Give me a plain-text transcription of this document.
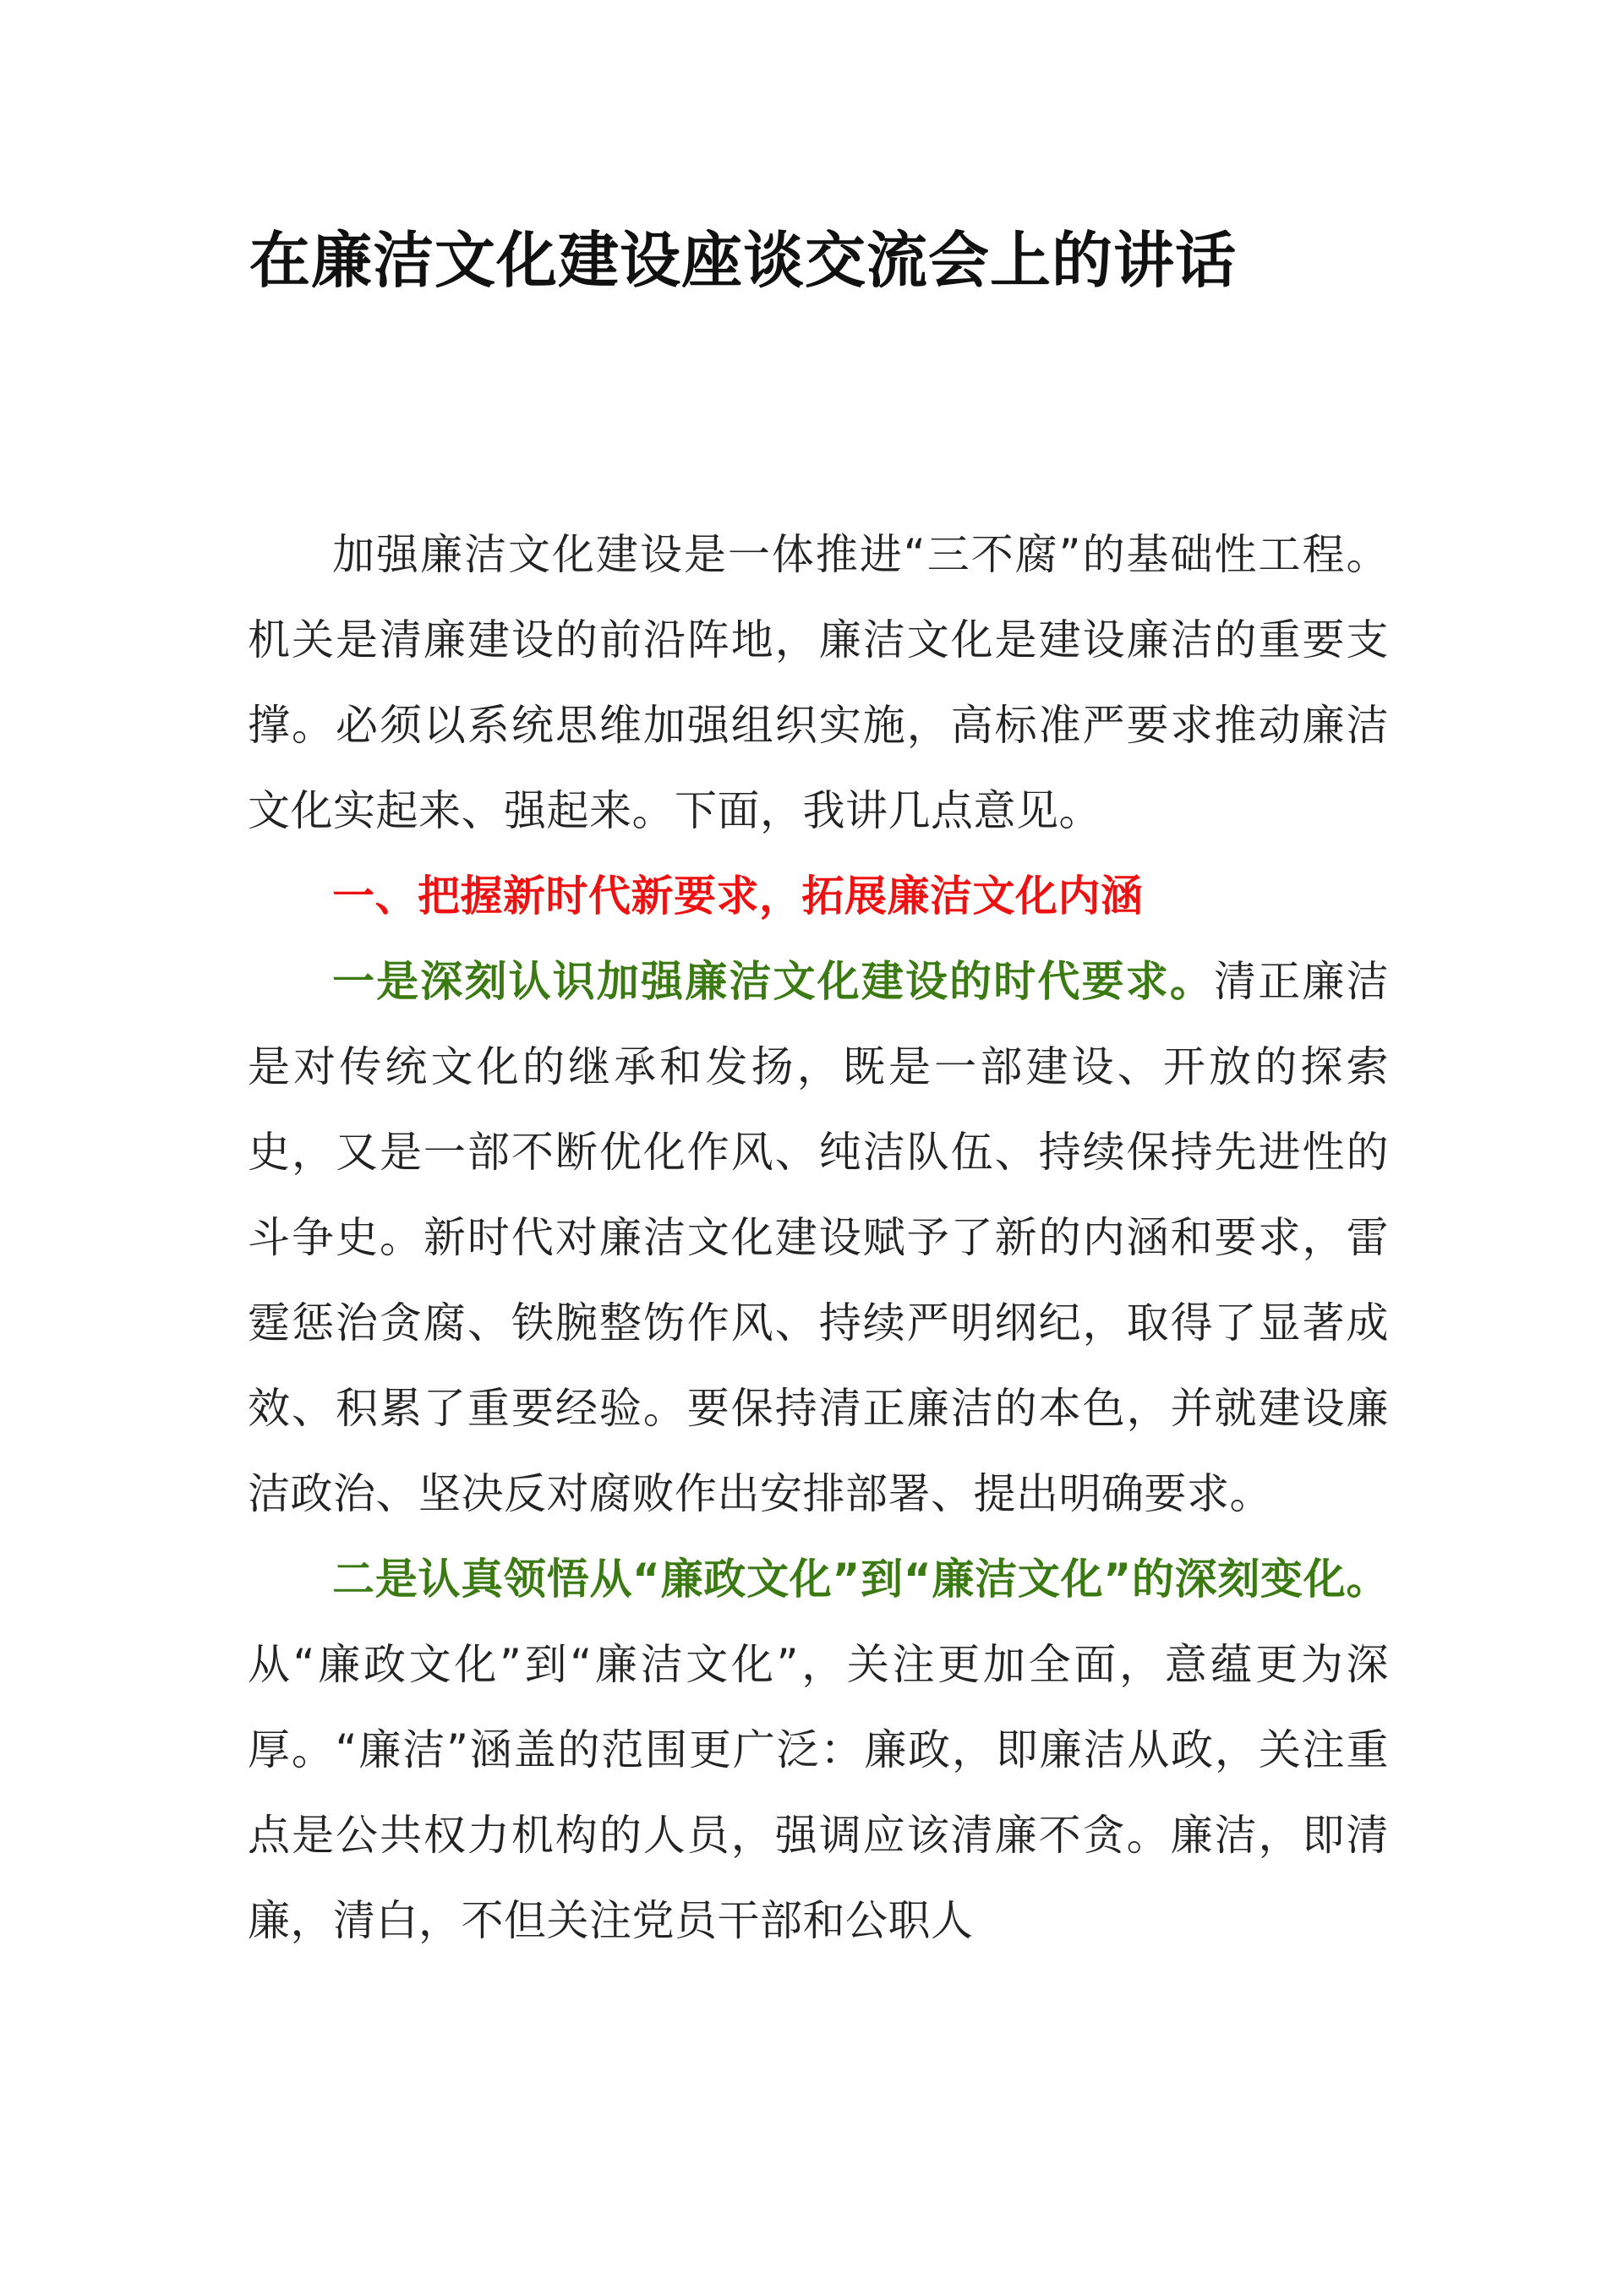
在廉洁文化建设座谈交流会上的讲话

加强廉洁文化建设是一体推进“三不腐”的基础性工程。机关是清廉建设的前沿阵地，廉洁文化是建设廉洁的重要支撑。必须以系统思维加强组织实施，高标准严要求推动廉洁文化实起来、强起来。下面，我讲几点意见。

一、把握新时代新要求，拓展廉洁文化内涵

一是深刻认识加强廉洁文化建设的时代要求。清正廉洁是对传统文化的继承和发扬，既是一部建设、开放的探索史，又是一部不断优化作风、纯洁队伍、持续保持先进性的斗争史。新时代对廉洁文化建设赋予了新的内涵和要求，雷霆惩治贪腐、铁腕整饬作风、持续严明纲纪，取得了显著成效、积累了重要经验。要保持清正廉洁的本色，并就建设廉洁政治、坚决反对腐败作出安排部署、提出明确要求。

二是认真领悟从“廉政文化”到“廉洁文化”的深刻变化。从“廉政文化”到“廉洁文化”，关注更加全面，意蕴更为深厚。“廉洁”涵盖的范围更广泛：廉政，即廉洁从政，关注重点是公共权力机构的人员，强调应该清廉不贪。廉洁，即清廉，清白，不但关注党员干部和公职人
